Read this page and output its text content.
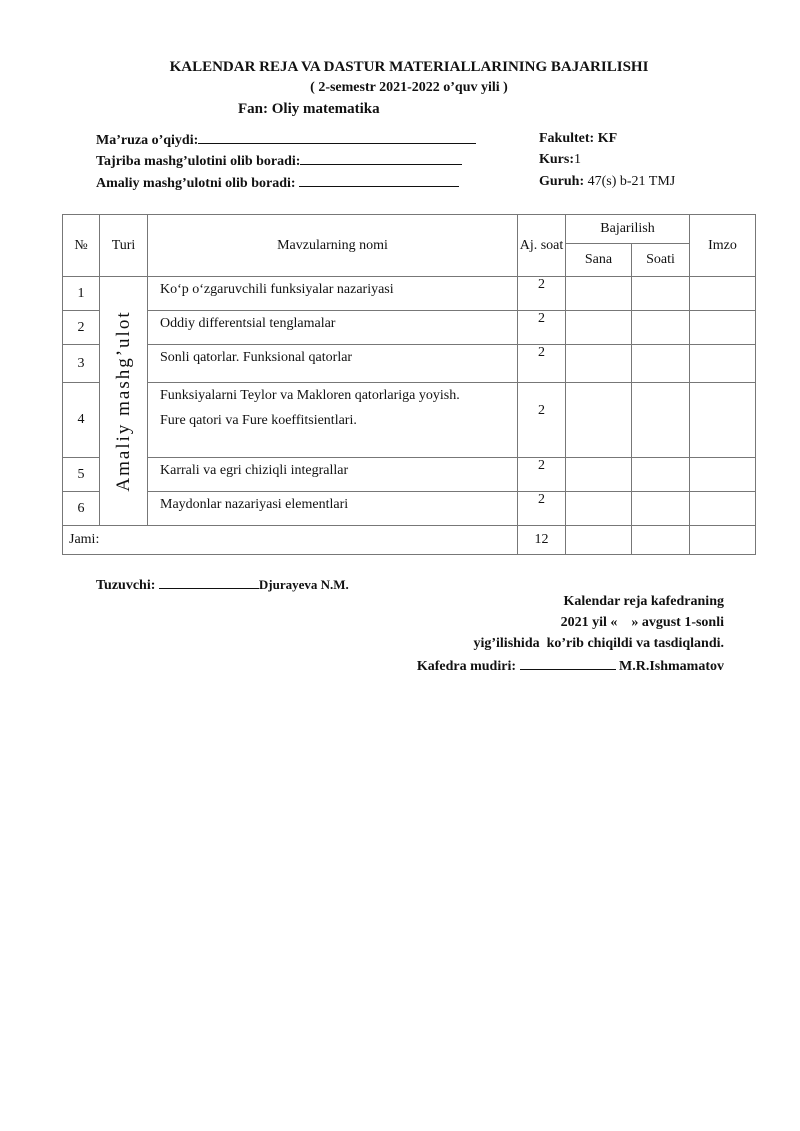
KALENDAR REJA VA DASTUR MATERIALLARINING BAJARILISHI
( 2-semestr 2021-2022 o’quv yili )
Fan: Oliy matematika
Ma’ruza o’qiydi:
Tajriba mashg’ulotini olib boradi:
Amaliy mashg’ulotni olib boradi:
Fakultet: KF
Kurs:1
Guruh: 47(s) b-21 TMJ
№	Turi	Mavzularning nomi	Aj. soat	Bajarilish		Imzo
				Sana	Soati	
1	Amaliy mashg’ulot	Ko‘p o‘zgaruvchili funksiyalar nazariyasi	2			
2		Oddiy differentsial tenglamalar	2			
3		Sonli qatorlar. Funksional qatorlar	2			
4		Funksiyalarni Teylor va Makloren qatorlariga yoyish.
Fure qatori va Fure koeffitsientlari.	2			
5		Karrali va egri chiziqli integrallar	2			
6		Maydonlar nazariyasi elementlari	2			
Jami:			12			
Tuzuvchi:	Djurayeva N.M.
Kalendar reja kafedraning
2021 yil «    » avgust 1-sonli
yig’ilishida  ko’rib chiqildi va tasdiqlandi.
Kafedra mudiri:	M.R.Ishmamatov
